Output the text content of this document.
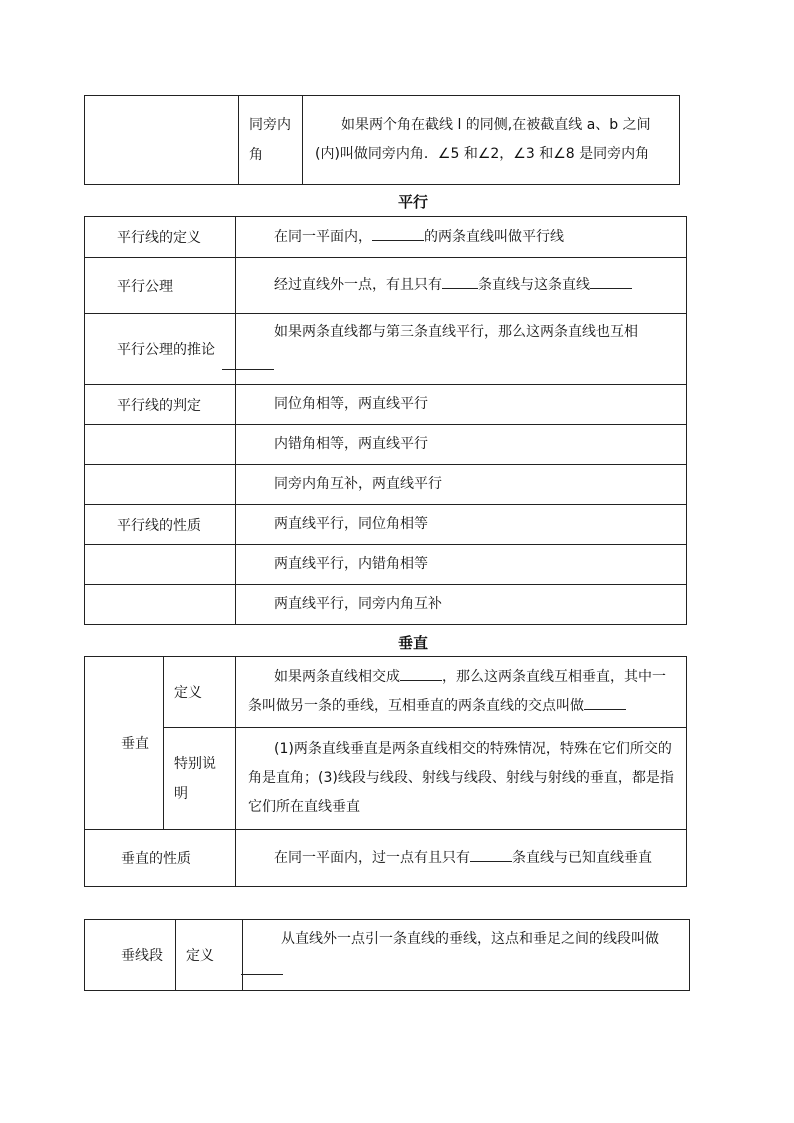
	同旁内角	如果两个角在截线 l 的同侧,在被截直线 a、b 之间(内)叫做同旁内角．∠5 和∠2，∠3 和∠8 是同旁内角
平行
平行线的定义	在同一平面内， 的两条直线叫做平行线
平行公理	经过直线外一点，有且只有 条直线与这条直线
平行公理的推论	如果两条直线都与第三条直线平行，那么这两条直线也互相

平行线的判定	同位角相等，两直线平行
	内错角相等，两直线平行
	同旁内角互补，两直线平行
平行线的性质	两直线平行，同位角相等
	两直线平行，内错角相等
	两直线平行，同旁内角互补
垂直
垂直	定义	如果两条直线相交成 ，那么这两条直线互相垂直，其中一条叫做另一条的垂线，互相垂直的两条直线的交点叫做

	特别说明	(1)两条直线垂直是两条直线相交的特殊情况，特殊在它们所交的角是直角；(3)线段与线段、射线与线段、射线与射线的垂直，都是指它们所在直线垂直
垂直的性质		在同一平面内，过一点有且只有 条直线与已知直线垂直
垂线段	定义	从直线外一点引一条直线的垂线，这点和垂足之间的线段叫做
